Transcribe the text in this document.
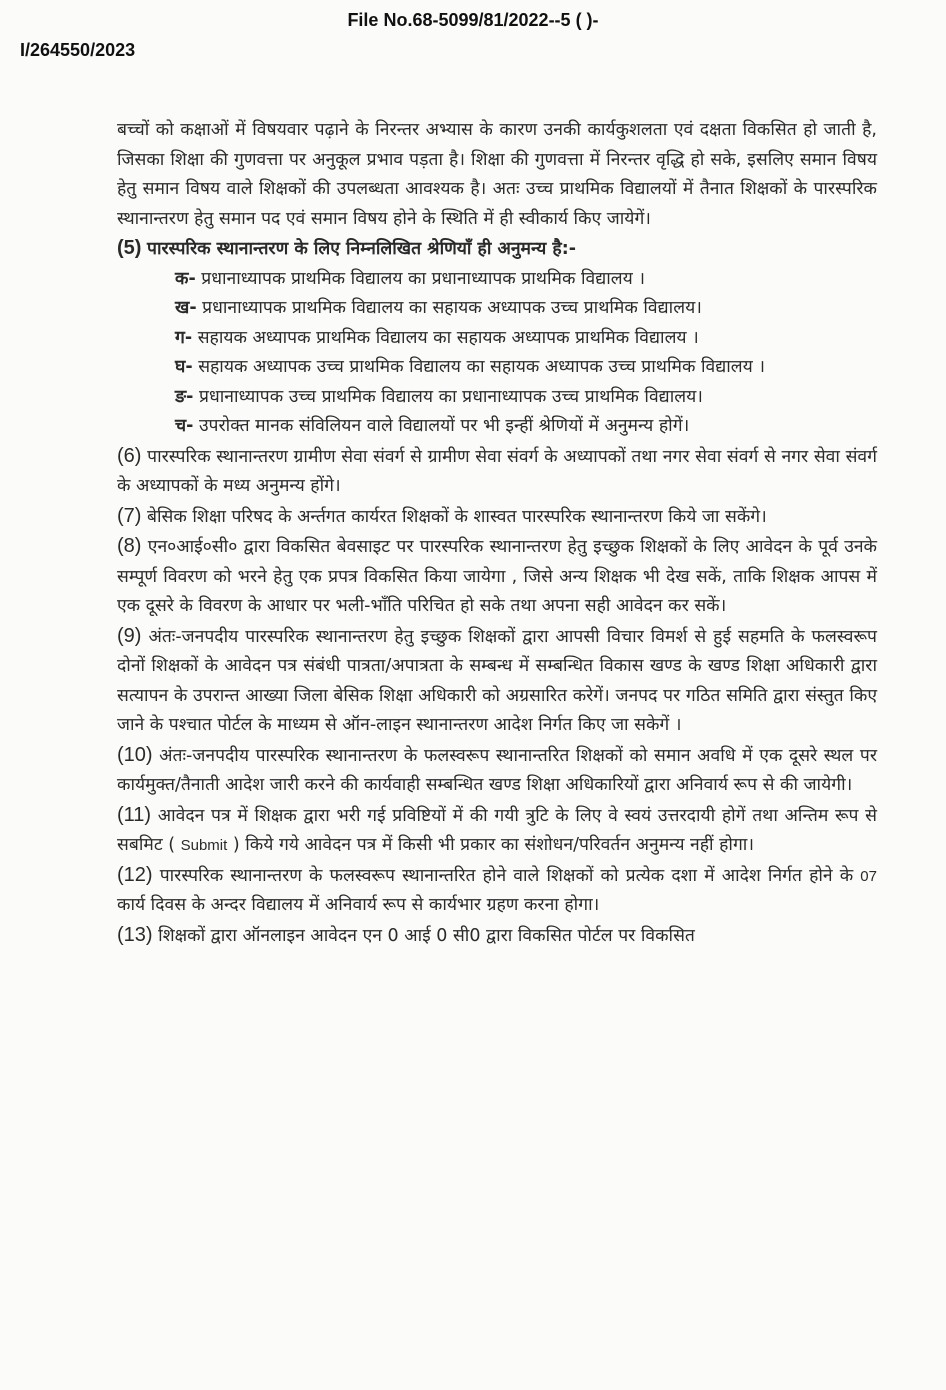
File No.68-5099/81/2022--5 ( )-
I/264550/2023

बच्चों को कक्षाओं में विषयवार पढ़ाने के निरन्तर अभ्यास के कारण उनकी कार्यकुशलता एवं दक्षता विकसित हो जाती है, जिसका शिक्षा की गुणवत्ता पर अनुकूल प्रभाव पड़ता है। शिक्षा की गुणवत्ता में निरन्तर वृद्धि हो सके, इसलिए समान विषय हेतु समान विषय वाले शिक्षकों की उपलब्धता आवश्यक है। अतः उच्च प्राथमिक विद्यालयों में तैनात शिक्षकों के पारस्परिक स्थानान्तरण हेतु समान पद एवं समान विषय होने के स्थिति में ही स्वीकार्य किए जायेगें।

(5) पारस्परिक स्थानान्तरण के लिए निम्नलिखित श्रेणियाँ ही अनुमन्य है:-

क- प्रधानाध्यापक प्राथमिक विद्यालय का प्रधानाध्यापक प्राथमिक विद्यालय ।

ख- प्रधानाध्यापक प्राथमिक विद्यालय का सहायक अध्यापक उच्च प्राथमिक विद्यालय।

ग- सहायक अध्यापक प्राथमिक विद्यालय का सहायक अध्यापक प्राथमिक विद्यालय ।

घ- सहायक अध्यापक उच्च प्राथमिक विद्यालय का सहायक अध्यापक उच्च प्राथमिक विद्यालय ।

ङ- प्रधानाध्यापक उच्च प्राथमिक विद्यालय का प्रधानाध्यापक उच्च प्राथमिक विद्यालय।

च- उपरोक्त मानक संविलियन वाले विद्यालयों पर भी इन्हीं श्रेणियों में अनुमन्य होगें।

(6) पारस्परिक स्थानान्तरण ग्रामीण सेवा संवर्ग से ग्रामीण सेवा संवर्ग के अध्यापकों तथा नगर सेवा संवर्ग से नगर सेवा संवर्ग के अध्यापकों के मध्य अनुमन्य होंगे।

(7) बेसिक शिक्षा परिषद के अर्न्तगत कार्यरत शिक्षकों के शास्वत पारस्परिक स्थानान्तरण किये जा सकेंगे।

(8) एन०आई०सी० द्वारा विकसित बेवसाइट पर पारस्परिक स्थानान्तरण हेतु इच्छुक शिक्षकों के लिए आवेदन के पूर्व उनके सम्पूर्ण विवरण को भरने हेतु एक प्रपत्र विकसित किया जायेगा , जिसे अन्य शिक्षक भी देख सकें, ताकि शिक्षक आपस में एक दूसरे के विवरण के आधार पर भली-भाँति परिचित हो सके तथा अपना सही आवेदन कर सकें।

(9) अंतः-जनपदीय पारस्परिक स्थानान्तरण हेतु इच्छुक शिक्षकों द्वारा आपसी विचार विमर्श से हुई सहमति के फलस्वरूप दोनों शिक्षकों के आवेदन पत्र संबंधी पात्रता/अपात्रता के सम्बन्ध में सम्बन्धित विकास खण्ड के खण्ड शिक्षा अधिकारी द्वारा सत्यापन के उपरान्त आख्या जिला बेसिक शिक्षा अधिकारी को अग्रसारित करेगें। जनपद पर गठित समिति द्वारा संस्तुत किए जाने के पश्चात पोर्टल के माध्यम से ऑन-लाइन स्थानान्तरण आदेश निर्गत किए जा सकेगें ।

(10) अंतः-जनपदीय पारस्परिक स्थानान्तरण के फलस्वरूप स्थानान्तरित शिक्षकों को समान अवधि में एक दूसरे स्थल पर कार्यमुक्त/तैनाती आदेश जारी करने की कार्यवाही सम्बन्धित खण्ड शिक्षा अधिकारियों द्वारा अनिवार्य रूप से की जायेगी।

(11) आवेदन पत्र में शिक्षक द्वारा भरी गई प्रविष्टियों में की गयी त्रुटि के लिए वे स्वयं उत्तरदायी होगें तथा अन्तिम रूप से सबमिट ( Submit ) किये गये आवेदन पत्र में किसी भी प्रकार का संशोधन/परिवर्तन अनुमन्य नहीं होगा।

(12) पारस्परिक स्थानान्तरण के फलस्वरूप स्थानान्तरित होने वाले शिक्षकों को प्रत्येक दशा में आदेश निर्गत होने के 07 कार्य दिवस के अन्दर विद्यालय में अनिवार्य रूप से कार्यभार ग्रहण करना होगा।

(13) शिक्षकों द्वारा ऑनलाइन आवेदन एन 0 आई 0 सी0 द्वारा विकसित पोर्टल पर विकसित
